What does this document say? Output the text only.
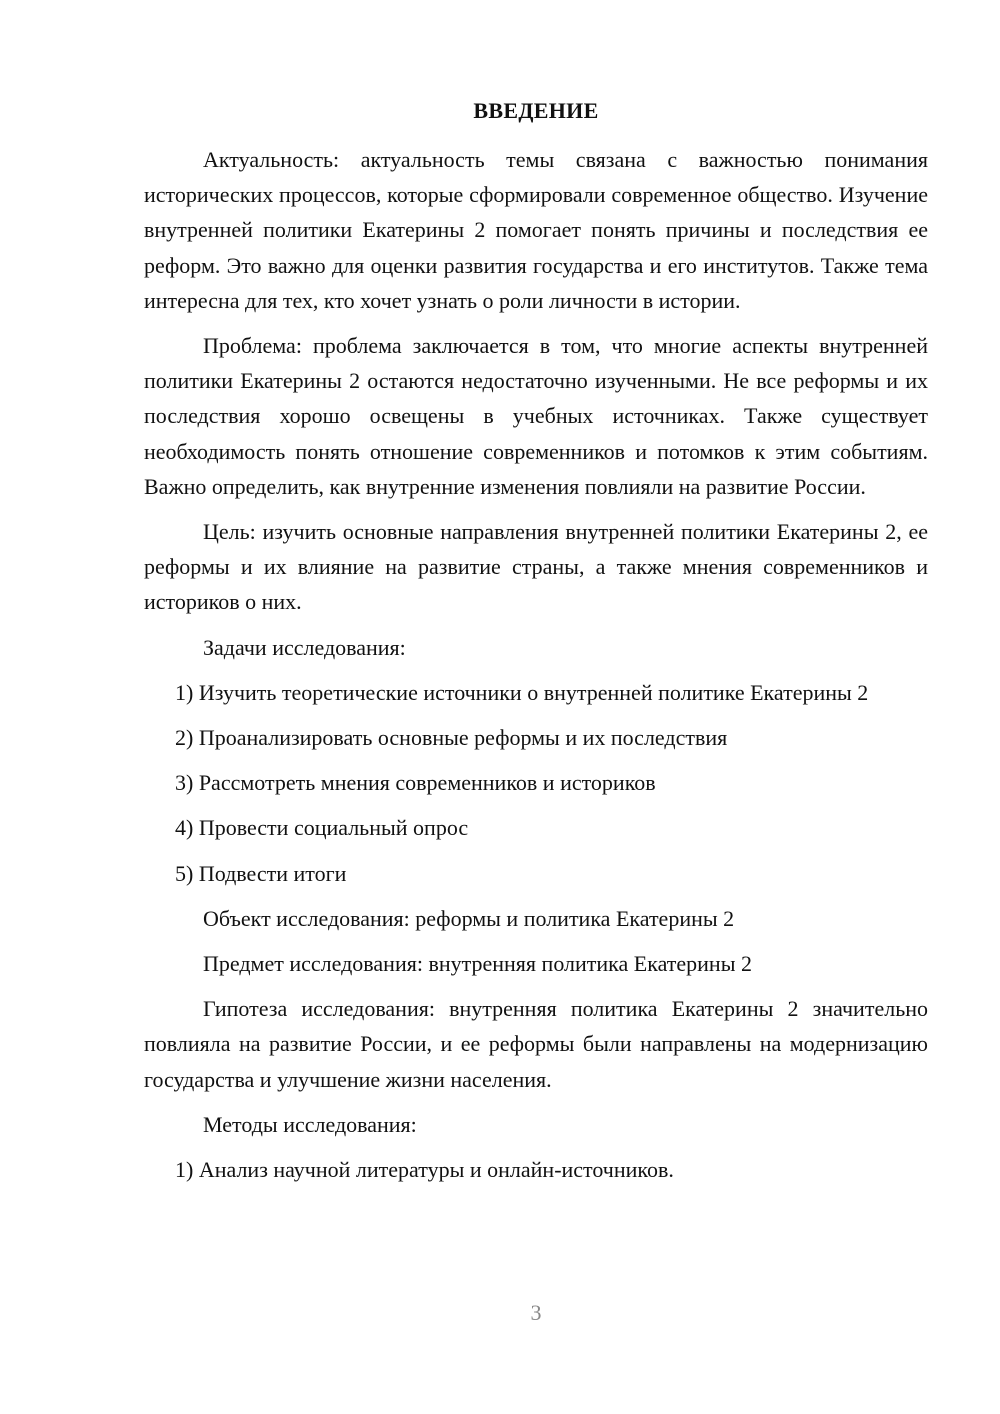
ВВЕДЕНИЕ

Актуальность: актуальность темы связана с важностью понимания исторических процессов, которые сформировали современное общество. Изучение внутренней политики Екатерины 2 помогает понять причины и последствия ее реформ. Это важно для оценки развития государства и его институтов. Также тема интересна для тех, кто хочет узнать о роли личности в истории.

Проблема: проблема заключается в том, что многие аспекты внутренней политики Екатерины 2 остаются недостаточно изученными. Не все реформы и их последствия хорошо освещены в учебных источниках. Также существует необходимость понять отношение современников и потомков к этим событиям. Важно определить, как внутренние изменения повлияли на развитие России.

Цель: изучить основные направления внутренней политики Екатерины 2, ее реформы и их влияние на развитие страны, а также мнения современников и историков о них.

Задачи исследования:

1) Изучить теоретические источники о внутренней политике Екатерины 2

2) Проанализировать основные реформы и их последствия

3) Рассмотреть мнения современников и историков

4) Провести социальный опрос

5) Подвести итоги

Объект исследования: реформы и политика Екатерины 2

Предмет исследования: внутренняя политика Екатерины 2

Гипотеза исследования: внутренняя политика Екатерины 2 значительно повлияла на развитие России, и ее реформы были направлены на модернизацию государства и улучшение жизни населения.

Методы исследования:

1) Анализ научной литературы и онлайн-источников.

3
